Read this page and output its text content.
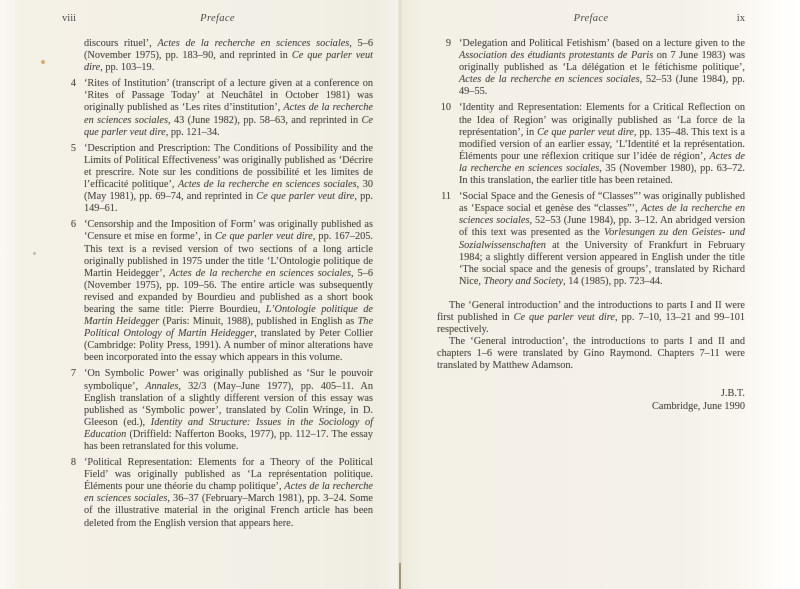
viii	Preface
discours rituel’, Actes de la recherche en sciences sociales, 5–6 (November 1975), pp. 183–90, and reprinted in Ce que parler veut dire, pp. 103–19.
4 ‘Rites of Institution’ (transcript of a lecture given at a conference on ‘Rites of Passage Today’ at Neuchâtel in October 1981) was originally published as ‘Les rites d’institution’, Actes de la recherche en sciences sociales, 43 (June 1982), pp. 58–63, and reprinted in Ce que parler veut dire, pp. 121–34.
5 ‘Description and Prescription: The Conditions of Possibility and the Limits of Political Effectiveness’ was originally published as ‘Décrire et prescrire. Note sur les conditions de possibilité et les limites de l’efficacité politique’, Actes de la recherche en sciences sociales, 30 (May 1981), pp. 69–74, and reprinted in Ce que parler veut dire, pp. 149–61.
6 ‘Censorship and the Imposition of Form’ was originally published as ‘Censure et mise en forme’, in Ce que parler veut dire, pp. 167–205. This text is a revised version of two sections of a long article originally published in 1975 under the title ‘L’Ontologie politique de Martin Heidegger’, Actes de la recherche en sciences sociales, 5–6 (November 1975), pp. 109–56. The entire article was subsequently revised and expanded by Bourdieu and published as a short book bearing the same title: Pierre Bourdieu, L’Ontologie politique de Martin Heidegger (Paris: Minuit, 1988), published in English as The Political Ontology of Martin Heidegger, translated by Peter Collier (Cambridge: Polity Press, 1991). A number of minor alterations have been incorporated into the essay which appears in this volume.
7 ‘On Symbolic Power’ was originally published as ‘Sur le pouvoir symbolique’, Annales, 32/3 (May–June 1977), pp. 405–11. An English translation of a slightly different version of this essay was published as ‘Symbolic power’, translated by Colin Wringe, in D. Gleeson (ed.), Identity and Structure: Issues in the Sociology of Education (Driffield: Nafferton Books, 1977), pp. 112–17. The essay has been retranslated for this volume.
8 ‘Political Representation: Elements for a Theory of the Political Field’ was originally published as ‘La représentation politique. Éléments pour une théorie du champ politique’, Actes de la recherche en sciences sociales, 36–37 (February–March 1981), pp. 3–24. Some of the illustrative material in the original French article has been deleted from the English version that appears here.
Preface	ix
9 ‘Delegation and Political Fetishism’ (based on a lecture given to the Association des étudiants protestants de Paris on 7 June 1983) was originally published as ‘La délégation et le fétichisme politique’, Actes de la recherche en sciences sociales, 52–53 (June 1984), pp. 49–55.
10 ‘Identity and Representation: Elements for a Critical Reflection on the Idea of Region’ was originally published as ‘La force de la représentation’, in Ce que parler veut dire, pp. 135–48. This text is a modified version of an earlier essay, ‘L’Identité et la représentation. Éléments pour une réflexion critique sur l’idée de région’, Actes de la recherche en sciences sociales, 35 (November 1980), pp. 63–72. In this translation, the earlier title has been retained.
11 ‘Social Space and the Genesis of “Classes”’ was originally published as ‘Espace social et genèse des “classes”’, Actes de la recherche en sciences sociales, 52–53 (June 1984), pp. 3–12. An abridged version of this text was presented as the Vorlesungen zu den Geistes- und Sozialwissenschaften at the University of Frankfurt in February 1984; a slightly different version appeared in English under the title ‘The social space and the genesis of groups’, translated by Richard Nice, Theory and Society, 14 (1985), pp. 723–44.

The ‘General introduction’ and the introductions to parts I and II were first published in Ce que parler veut dire, pp. 7–10, 13–21 and 99–101 respectively.

The ‘General introduction’, the introductions to parts I and II and chapters 1–6 were translated by Gino Raymond. Chapters 7–11 were translated by Matthew Adamson.

J.B.T.
Cambridge, June 1990
